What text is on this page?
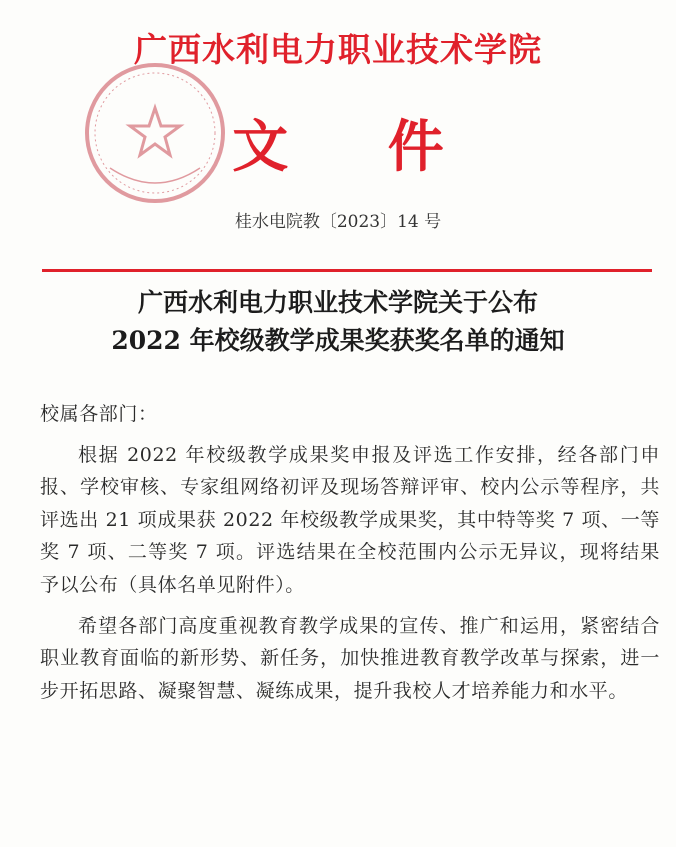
广西水利电力职业技术学院
文 件
桂水电院教〔2023〕14 号
广西水利电力职业技术学院关于公布
2022 年校级教学成果奖获奖名单的通知

校属各部门：

根据 2022 年校级教学成果奖申报及评选工作安排，经各部门申报、学校审核、专家组网络初评及现场答辩评审、校内公示等程序，共评选出 21 项成果获 2022 年校级教学成果奖，其中特等奖 7 项、一等奖 7 项、二等奖 7 项。评选结果在全校范围内公示无异议，现将结果予以公布（具体名单见附件）。

希望各部门高度重视教育教学成果的宣传、推广和运用，紧密结合职业教育面临的新形势、新任务，加快推进教育教学改革与探索，进一步开拓思路、凝聚智慧、凝练成果，提升我校人才培养能力和水平。
